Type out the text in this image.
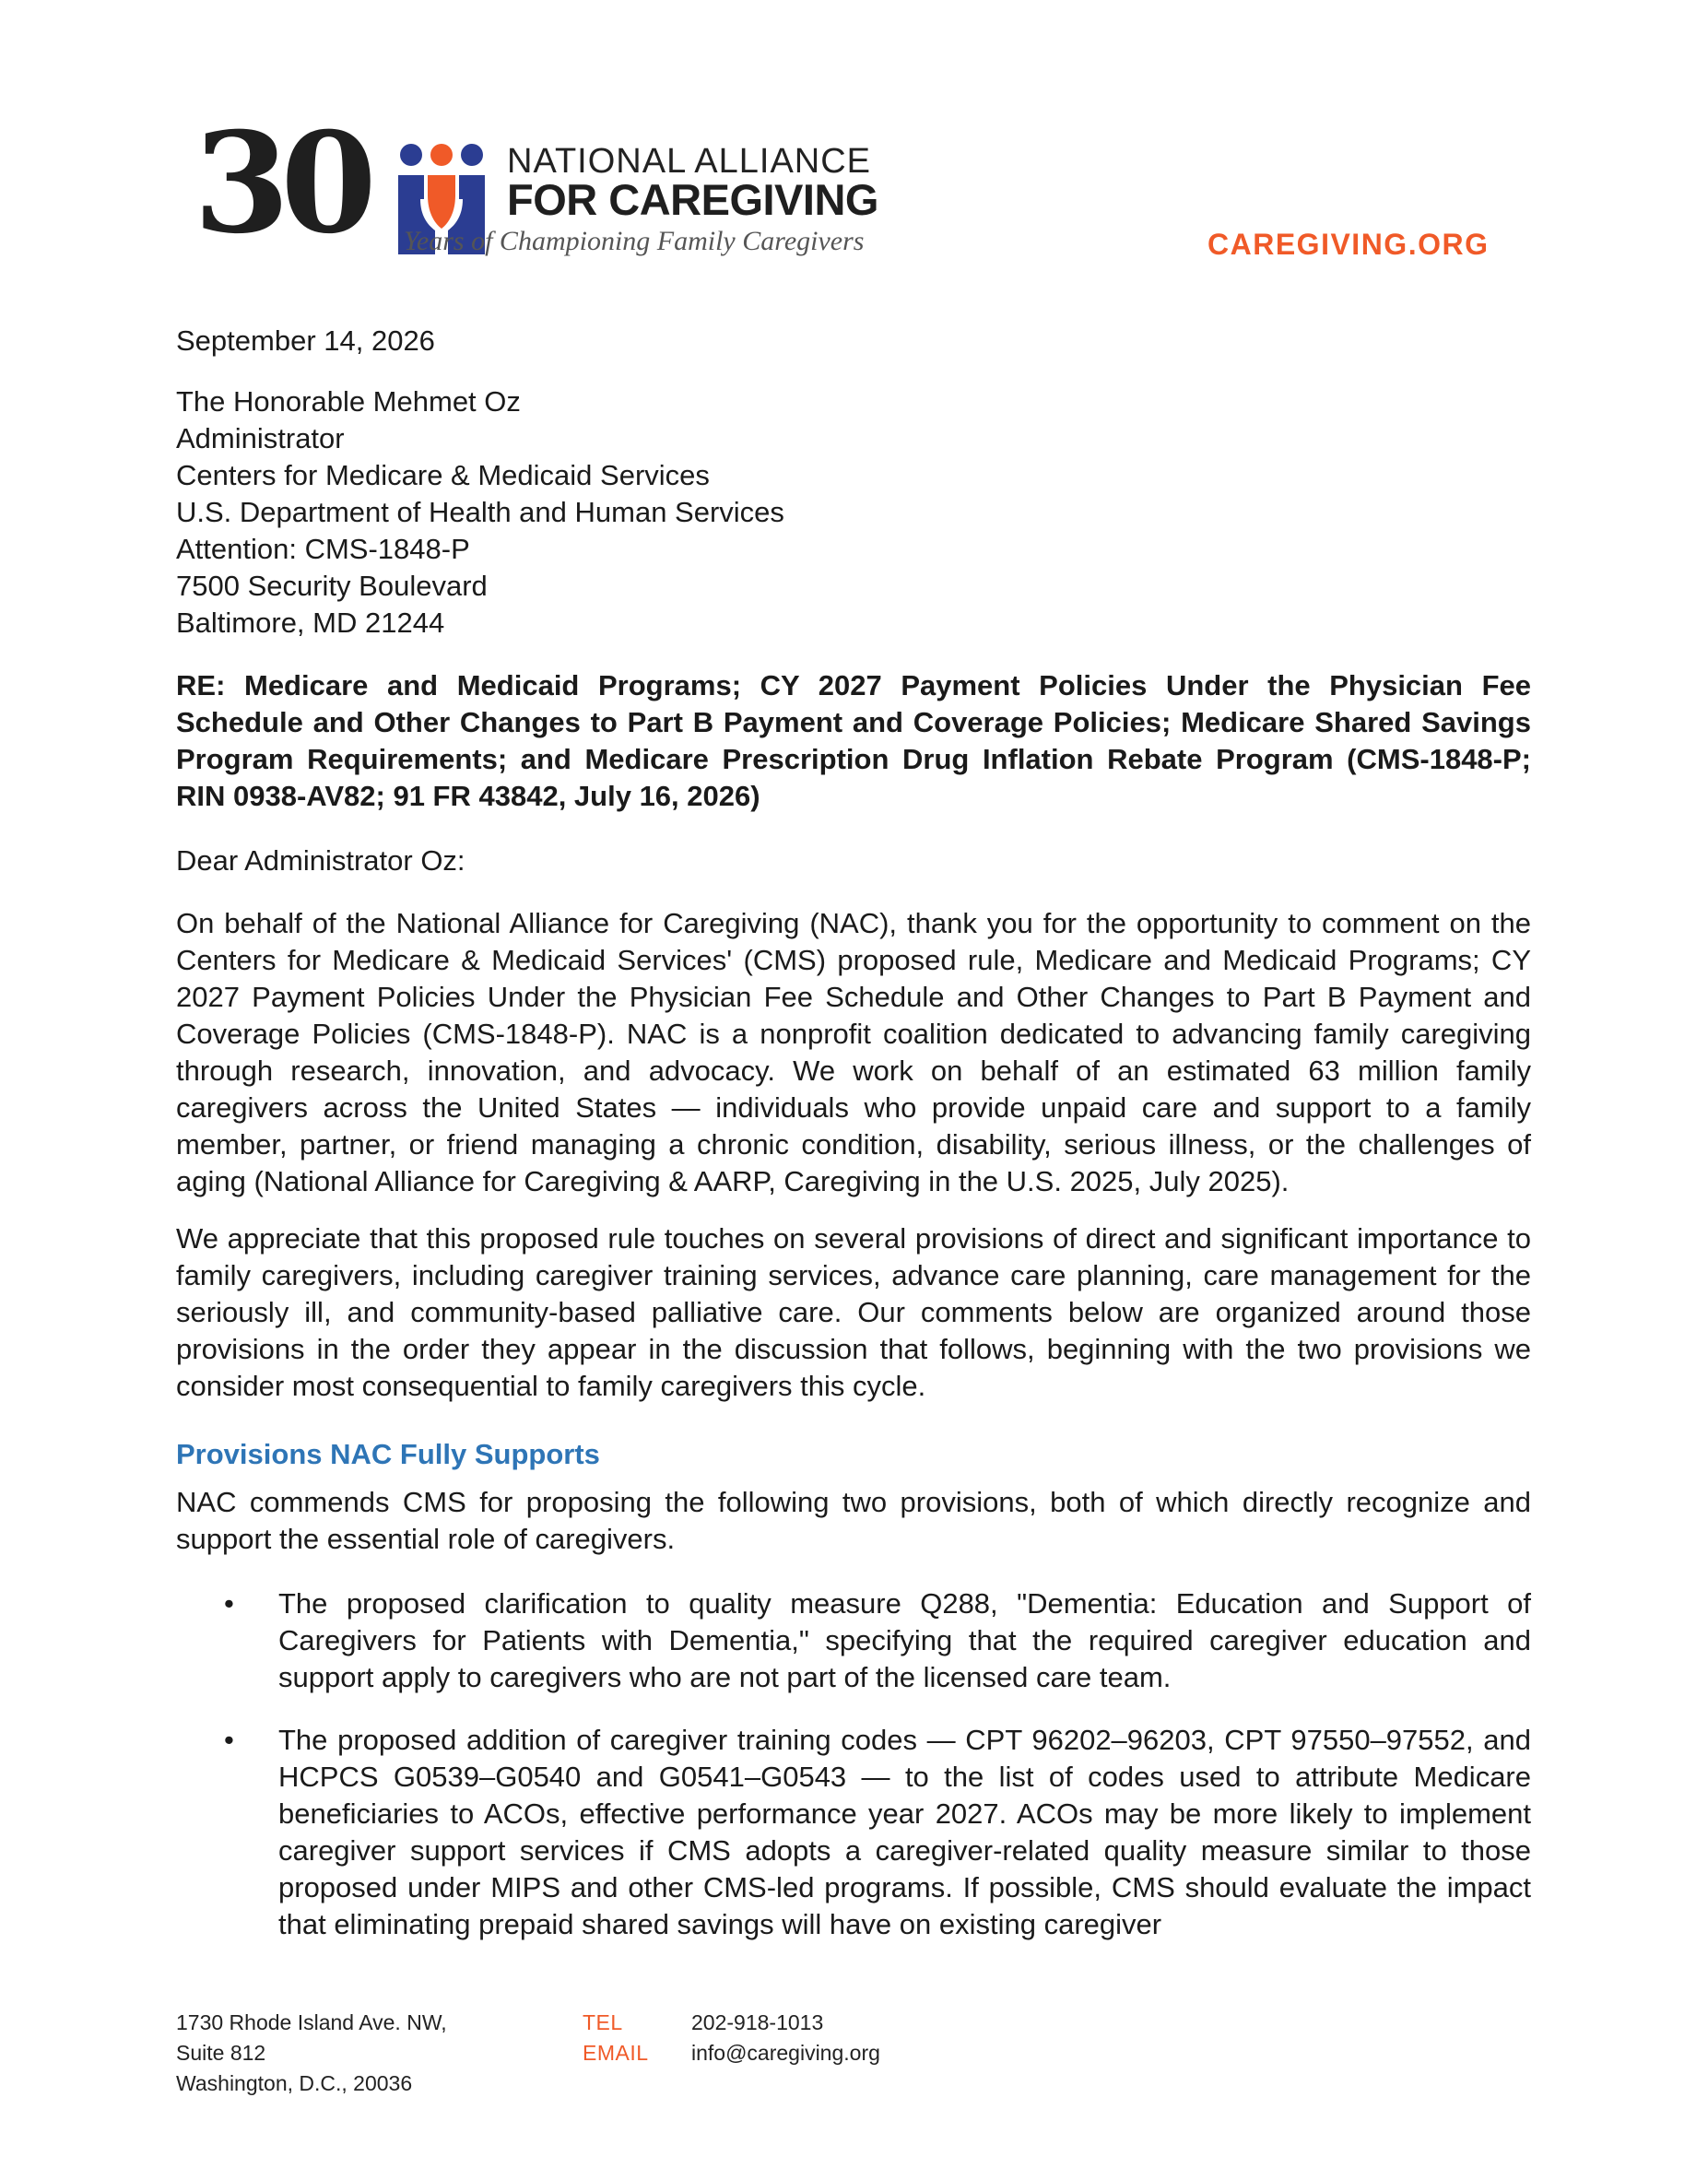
30	NATIONAL ALLIANCE
FOR CAREGIVING
Years of Championing Family Caregivers	CAREGIVING.ORG

September 14, 2026

The Honorable Mehmet Oz
Administrator
Centers for Medicare & Medicaid Services
U.S. Department of Health and Human Services
Attention: CMS-1848-P
7500 Security Boulevard
Baltimore, MD 21244

RE: Medicare and Medicaid Programs; CY 2027 Payment Policies Under the Physician Fee Schedule and Other Changes to Part B Payment and Coverage Policies; Medicare Shared Savings Program Requirements; and Medicare Prescription Drug Inflation Rebate Program (CMS-1848-P; RIN 0938-AV82; 91 FR 43842, July 16, 2026)

Dear Administrator Oz:

On behalf of the National Alliance for Caregiving (NAC), thank you for the opportunity to comment on the Centers for Medicare & Medicaid Services' (CMS) proposed rule, Medicare and Medicaid Programs; CY 2027 Payment Policies Under the Physician Fee Schedule and Other Changes to Part B Payment and Coverage Policies (CMS-1848-P). NAC is a nonprofit coalition dedicated to advancing family caregiving through research, innovation, and advocacy. We work on behalf of an estimated 63 million family caregivers across the United States — individuals who provide unpaid care and support to a family member, partner, or friend managing a chronic condition, disability, serious illness, or the challenges of aging (National Alliance for Caregiving & AARP, Caregiving in the U.S. 2025, July 2025).

We appreciate that this proposed rule touches on several provisions of direct and significant importance to family caregivers, including caregiver training services, advance care planning, care management for the seriously ill, and community-based palliative care. Our comments below are organized around those provisions in the order they appear in the discussion that follows, beginning with the two provisions we consider most consequential to family caregivers this cycle.

Provisions NAC Fully Supports

NAC commends CMS for proposing the following two provisions, both of which directly recognize and support the essential role of caregivers.

• The proposed clarification to quality measure Q288, "Dementia: Education and Support of Caregivers for Patients with Dementia," specifying that the required caregiver education and support apply to caregivers who are not part of the licensed care team.
• The proposed addition of caregiver training codes — CPT 96202–96203, CPT 97550–97552, and HCPCS G0539–G0540 and G0541–G0543 — to the list of codes used to attribute Medicare beneficiaries to ACOs, effective performance year 2027. ACOs may be more likely to implement caregiver support services if CMS adopts a caregiver-related quality measure similar to those proposed under MIPS and other CMS-led programs. If possible, CMS should evaluate the impact that eliminating prepaid shared savings will have on existing caregiver
1730 Rhode Island Ave. NW,
Suite 812
Washington, D.C., 20036
TEL	202-918-1013
EMAIL	info@caregiving.org
